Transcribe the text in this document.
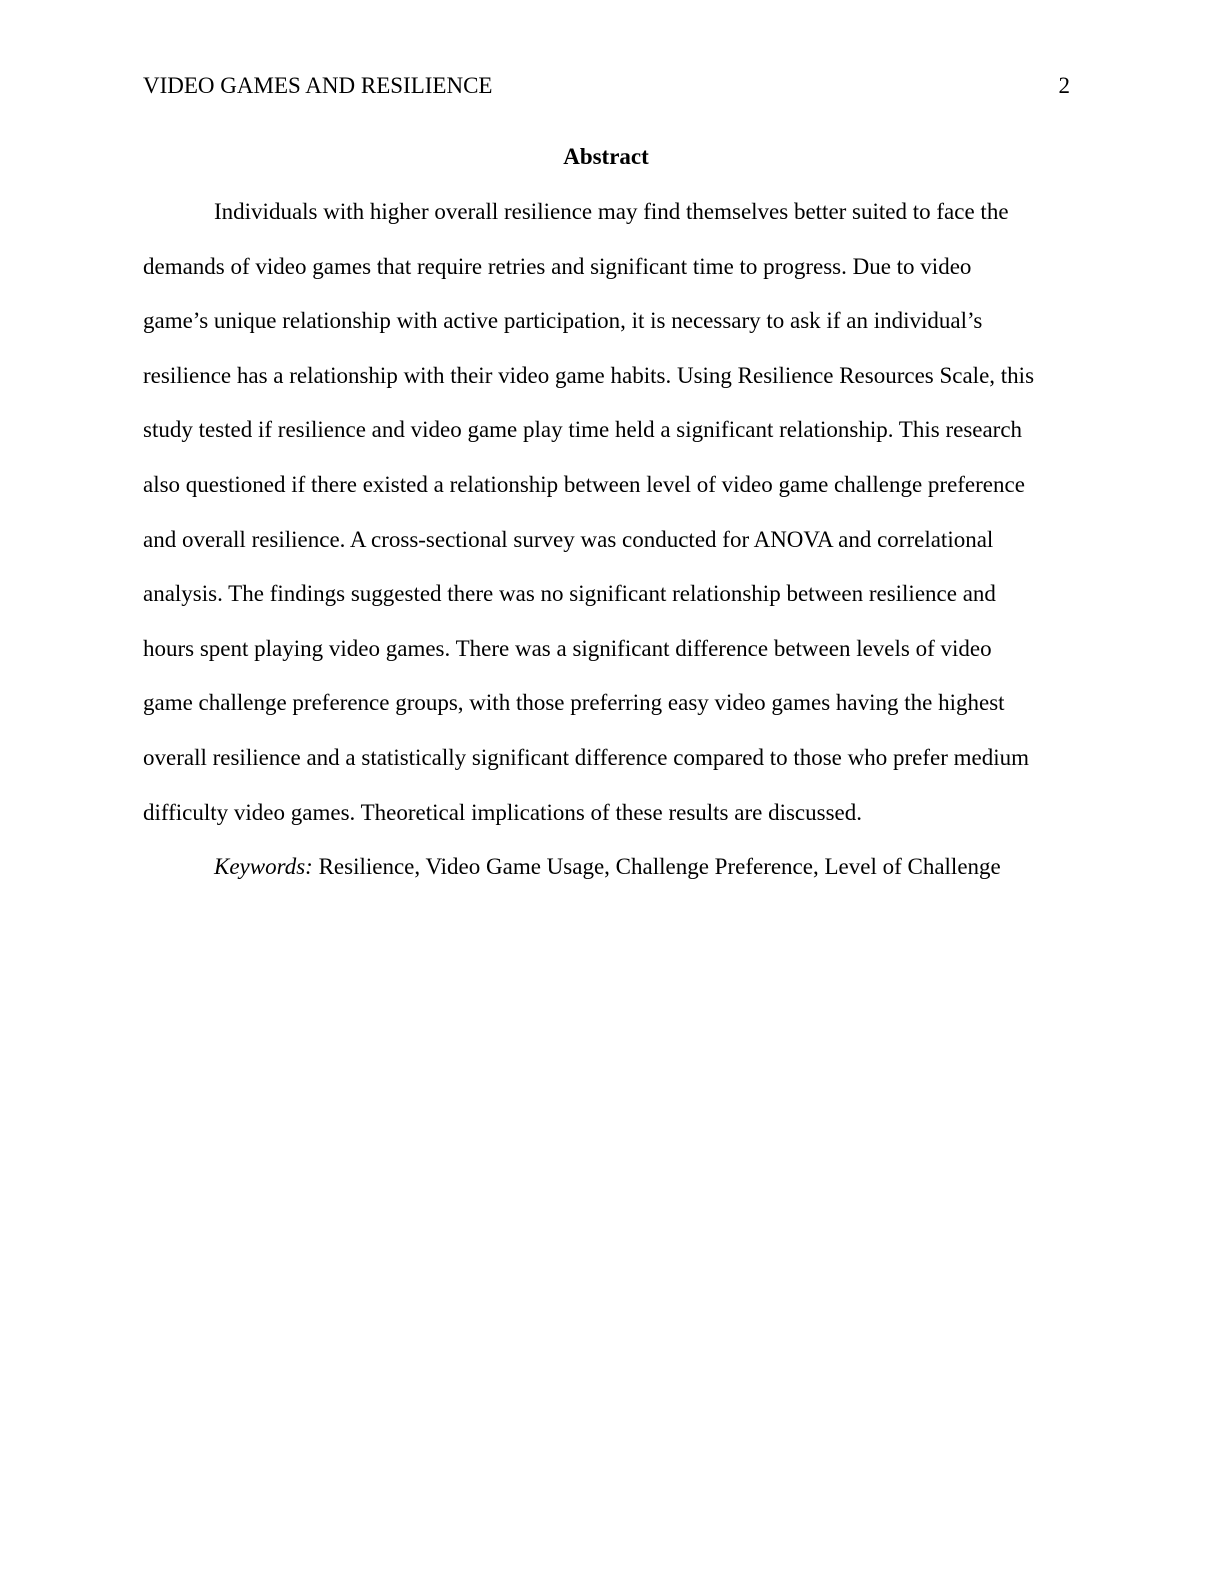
VIDEO GAMES AND RESILIENCE	2
Abstract
Individuals with higher overall resilience may find themselves better suited to face the
demands of video games that require retries and significant time to progress. Due to video
game’s unique relationship with active participation, it is necessary to ask if an individual’s
resilience has a relationship with their video game habits. Using Resilience Resources Scale, this
study tested if resilience and video game play time held a significant relationship. This research
also questioned if there existed a relationship between level of video game challenge preference
and overall resilience. A cross-sectional survey was conducted for ANOVA and correlational
analysis. The findings suggested there was no significant relationship between resilience and
hours spent playing video games. There was a significant difference between levels of video
game challenge preference groups, with those preferring easy video games having the highest
overall resilience and a statistically significant difference compared to those who prefer medium
difficulty video games. Theoretical implications of these results are discussed.
Keywords: Resilience, Video Game Usage, Challenge Preference, Level of Challenge
